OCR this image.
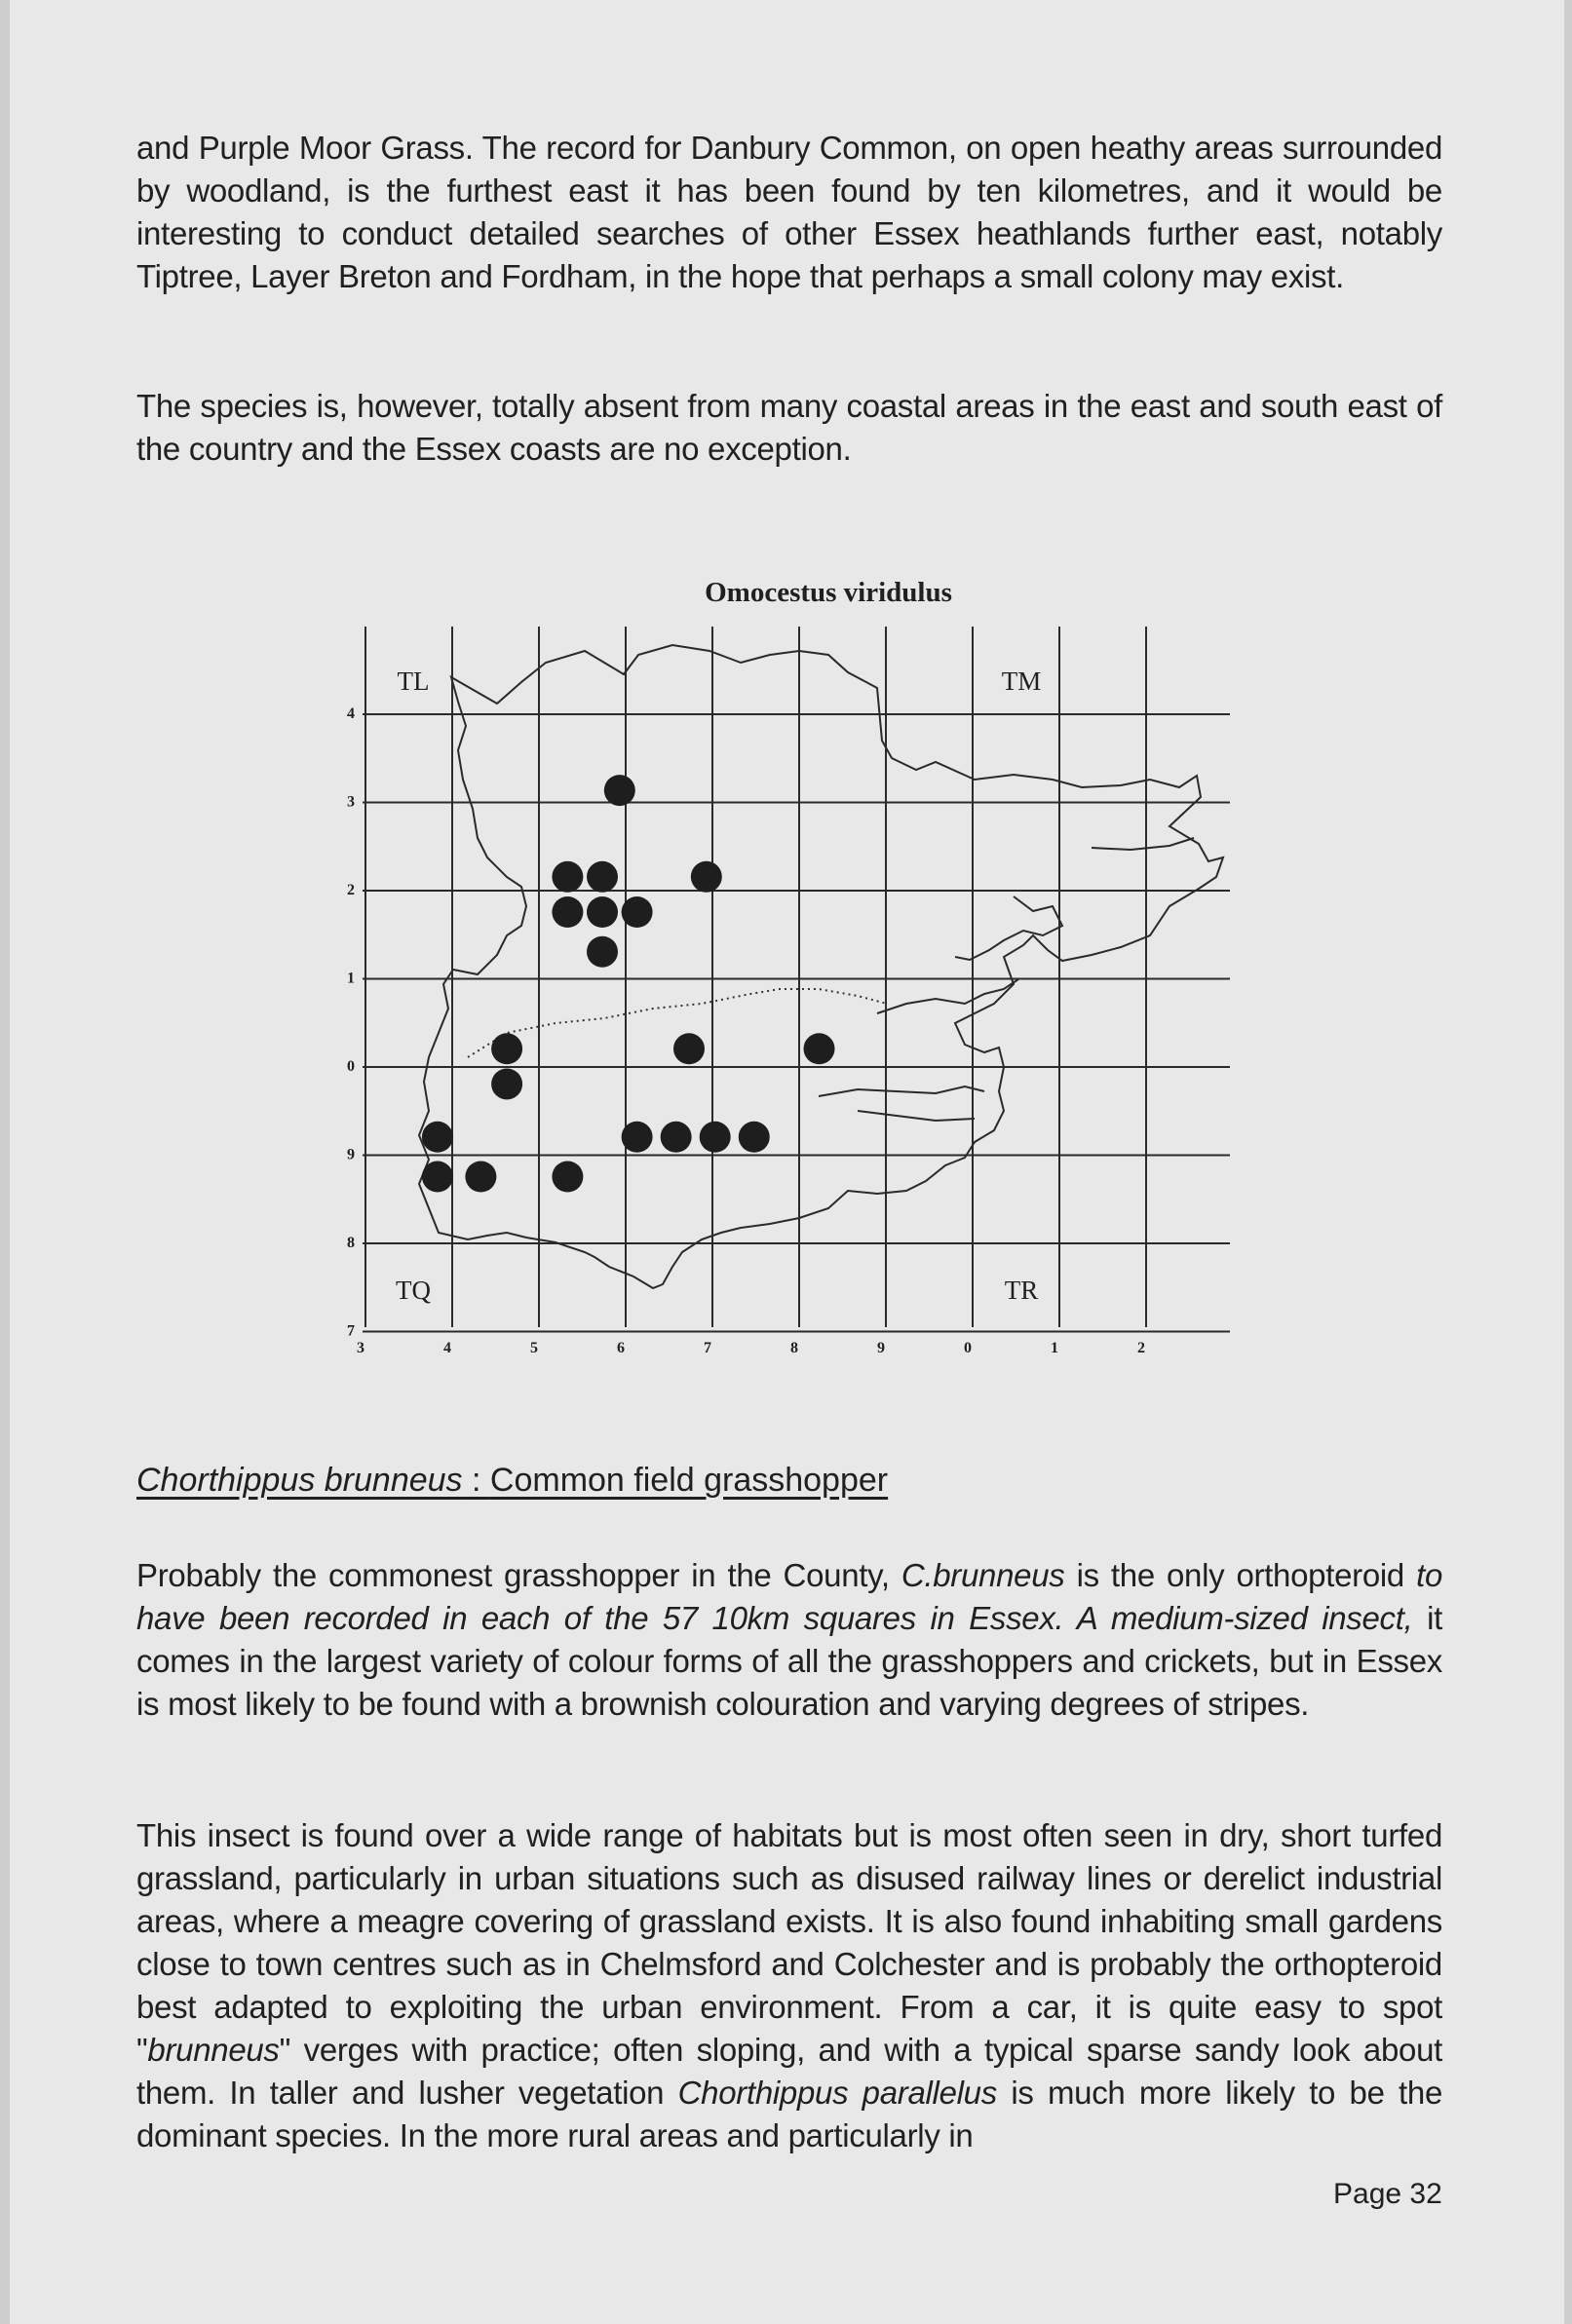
and Purple Moor Grass. The record for Danbury Common, on open heathy areas surrounded by woodland, is the furthest east it has been found by ten kilometres, and it would be interesting to conduct detailed searches of other Essex heathlands further east, notably Tiptree, Layer Breton and Fordham, in the hope that perhaps a small colony may exist.
The species is, however, totally absent from many coastal areas in the east and south east of the country and the Essex coasts are no exception.
Omocestus viridulus
3	4	5	6	7	8	9	0	1	2
4
3
2
1
0
9
8
7
TL	TM
TQ	TR
Chorthippus brunneus : Common field grasshopper
Probably the commonest grasshopper in the County, C.brunneus is the only orthopteroid to have been recorded in each of the 57 10km squares in Essex. A medium-sized insect, it comes in the largest variety of colour forms of all the grasshoppers and crickets, but in Essex is most likely to be found with a brownish colouration and varying degrees of stripes.
This insect is found over a wide range of habitats but is most often seen in dry, short turfed grassland, particularly in urban situations such as disused railway lines or derelict industrial areas, where a meagre covering of grassland exists. It is also found inhabiting small gardens close to town centres such as in Chelmsford and Colchester and is probably the orthopteroid best adapted to exploiting the urban environment. From a car, it is quite easy to spot "brunneus" verges with practice; often sloping, and with a typical sparse sandy look about them. In taller and lusher vegetation Chorthippus parallelus is much more likely to be the dominant species. In the more rural areas and particularly in
Page 32
